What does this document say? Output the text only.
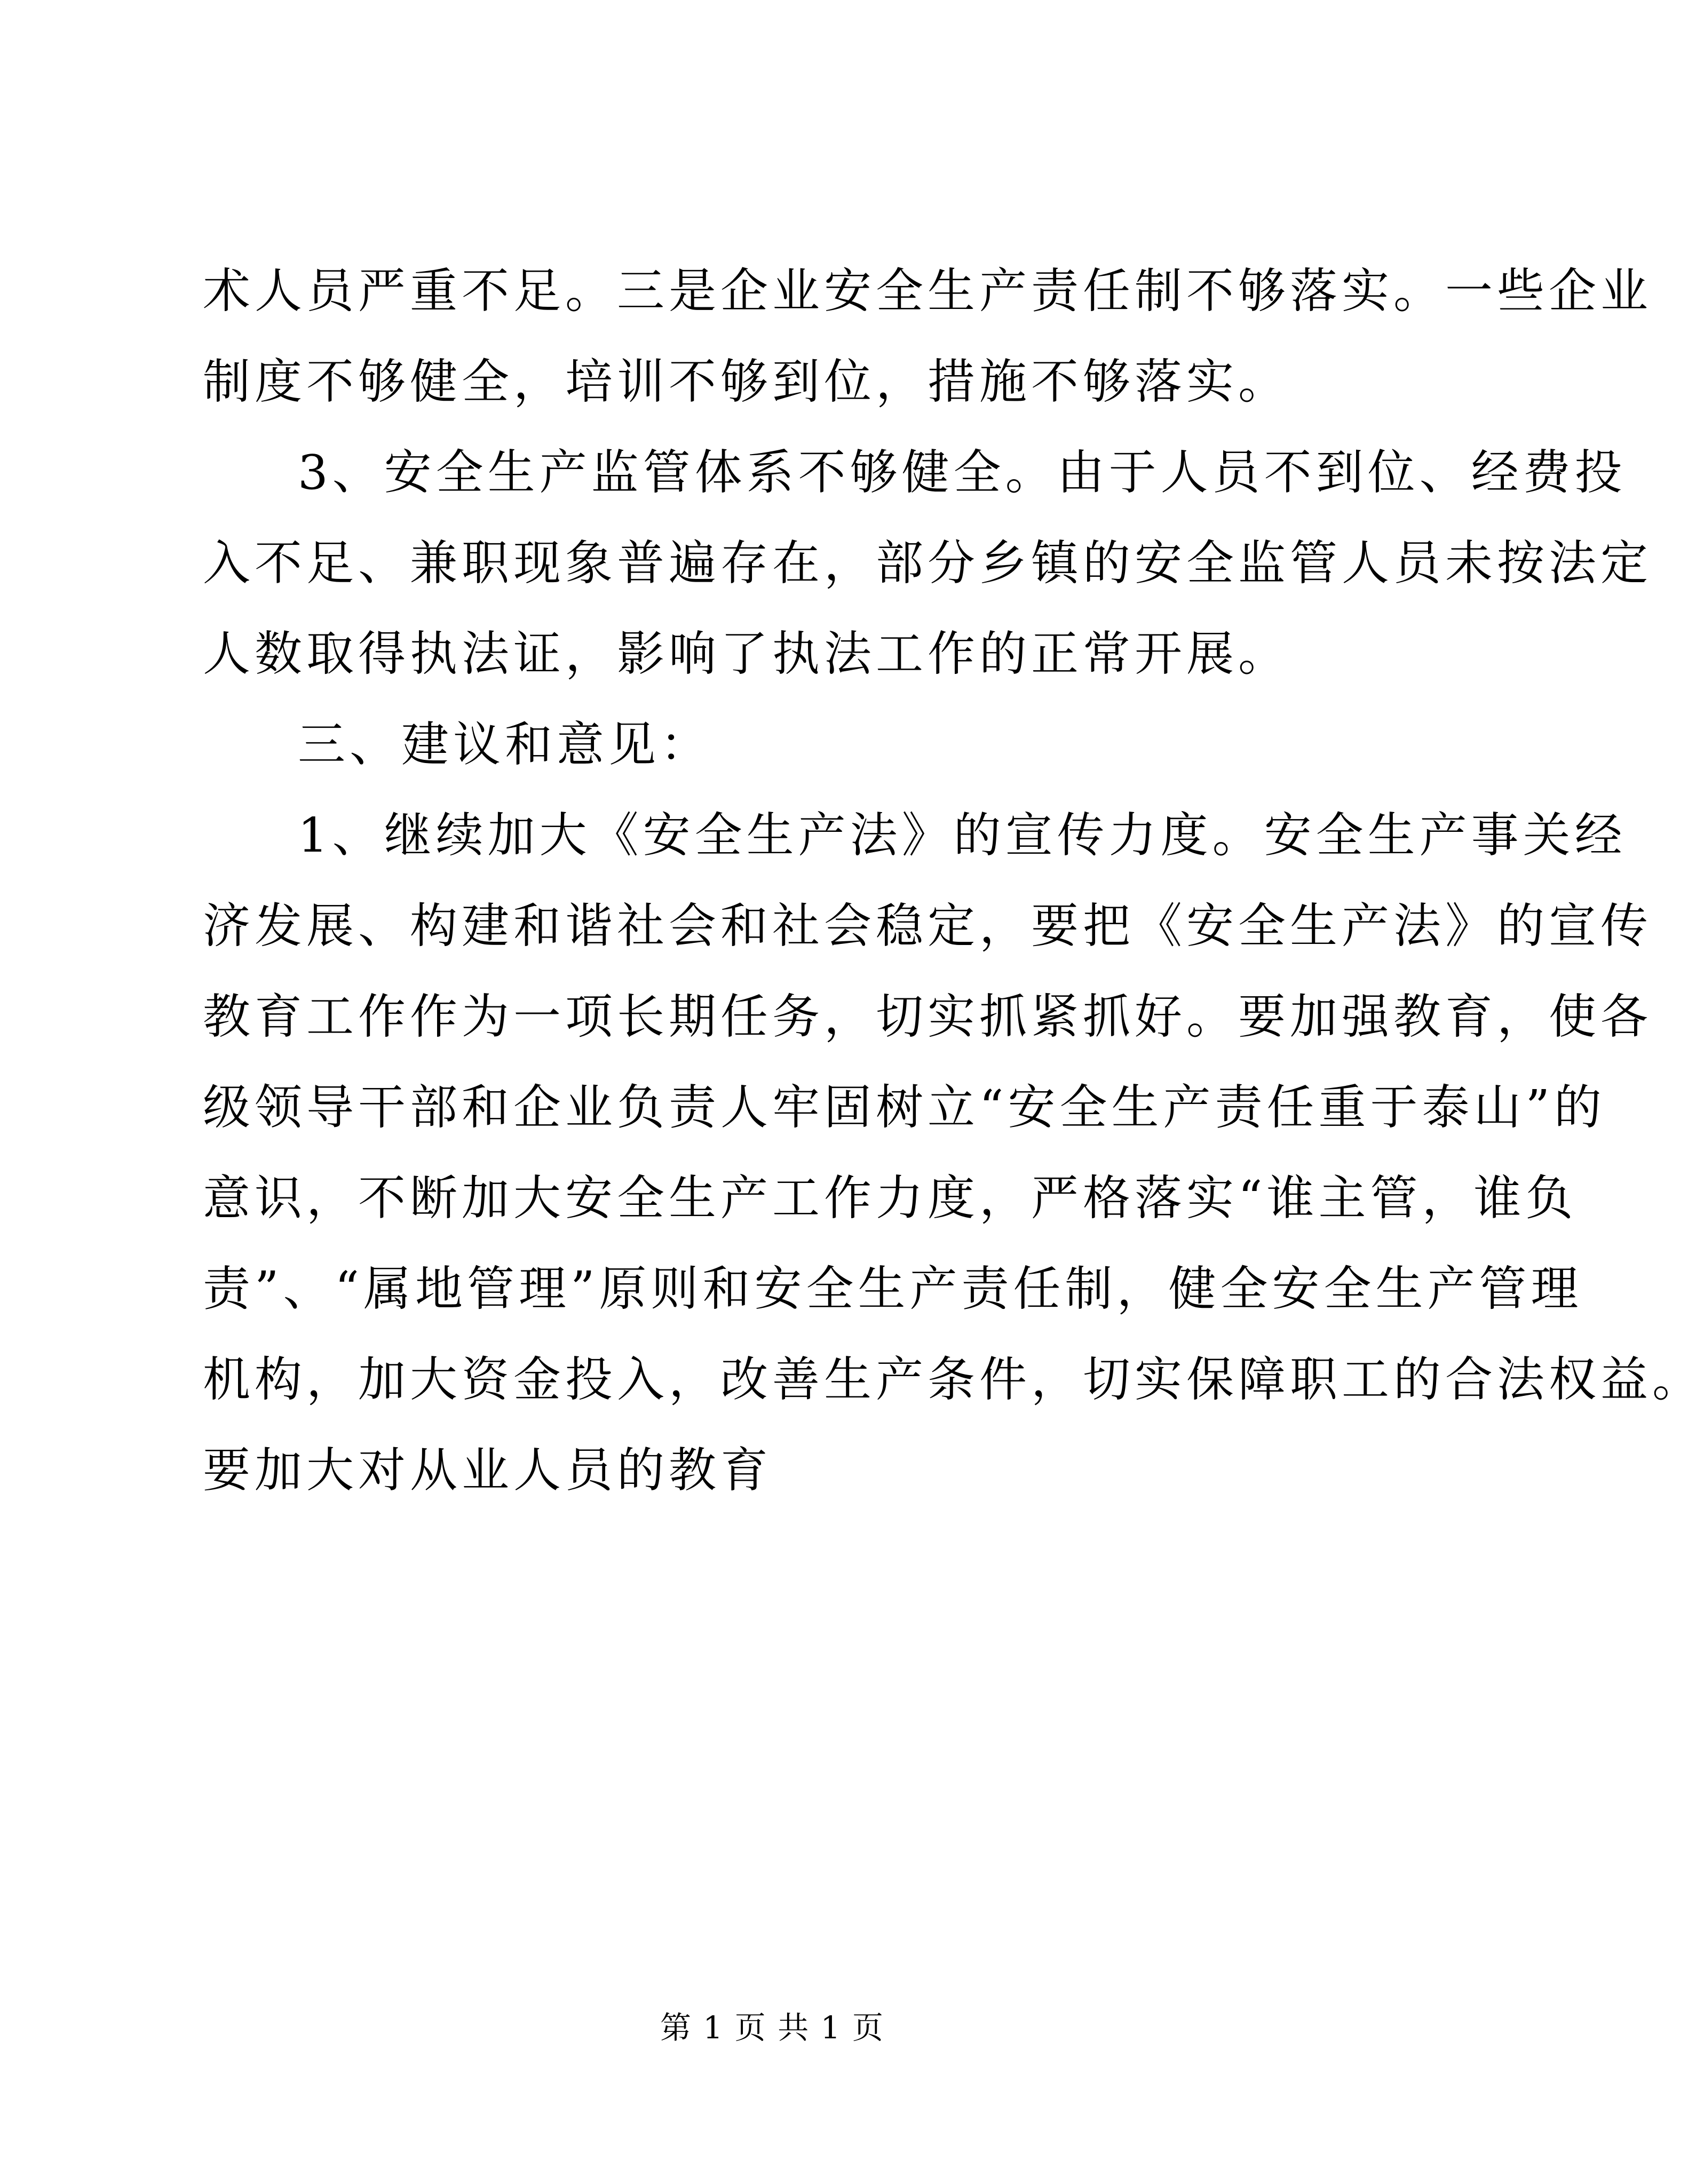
术人员严重不足。三是企业安全生产责任制不够落实。一些企业
制度不够健全，培训不够到位，措施不够落实。
3、安全生产监管体系不够健全。由于人员不到位、经费投
入不足、兼职现象普遍存在，部分乡镇的安全监管人员未按法定
人数取得执法证，影响了执法工作的正常开展。
三、建议和意见：
1、继续加大《安全生产法》的宣传力度。安全生产事关经
济发展、构建和谐社会和社会稳定，要把《安全生产法》的宣传
教育工作作为一项长期任务，切实抓紧抓好。要加强教育，使各
级领导干部和企业负责人牢固树立“安全生产责任重于泰山”的
意识，不断加大安全生产工作力度，严格落实“谁主管，谁负
责”、“属地管理”原则和安全生产责任制，健全安全生产管理
机构，加大资金投入，改善生产条件，切实保障职工的合法权益。
要加大对从业人员的教育
第 1 页 共 1 页
